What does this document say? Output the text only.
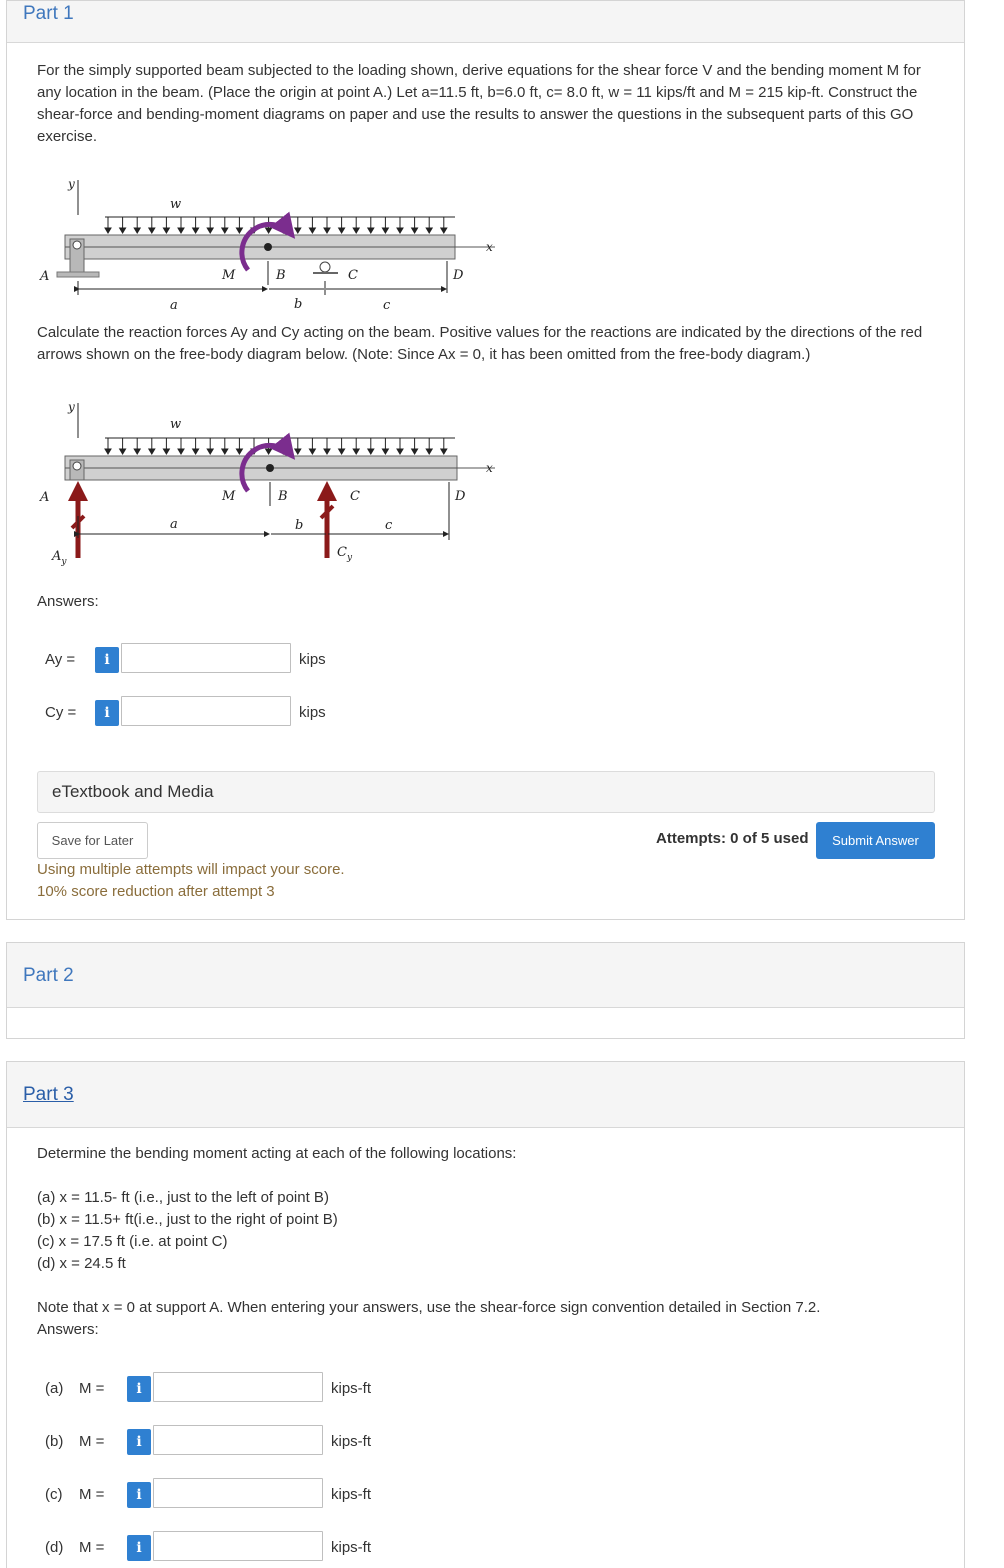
Part 1
For the simply supported beam subjected to the loading shown, derive equations for the shear force V and the bending moment M for any location in the beam. (Place the origin at point A.) Let a=11.5 ft, b=6.0 ft, c= 8.0 ft, w = 11 kips/ft and M = 215 kip-ft. Construct the shear-force and bending-moment diagrams on paper and use the results to answer the questions in the subsequent parts of this GO exercise.
y
w
x
A	M	B	C	D
a	b	c
Calculate the reaction forces Ay and Cy acting on the beam. Positive values for the reactions are indicated by the directions of the red arrows shown on the free-body diagram below. (Note: Since Ax = 0, it has been omitted from the free-body diagram.)
y
w
x
A
$A_y$
M	B	C
$C_y$
D
a	b	c
Answers:
Ay =	i	kips
Cy =	i	kips
eTextbook and Media
Save for Later	Attempts: 0 of 5 used	Submit Answer
Using multiple attempts will impact your score.
10% score reduction after attempt 3
Part 2
Part 3
Determine the bending moment acting at each of the following locations:
(a) x = 11.5- ft (i.e., just to the left of point B)
(b) x = 11.5+ ft(i.e., just to the right of point B)
(c) x = 17.5 ft (i.e. at point C)
(d) x = 24.5 ft
Note that x = 0 at support A. When entering your answers, use the shear-force sign convention detailed in Section 7.2.
Answers:
(a) M =	i	kips-ft
(b) M =	i	kips-ft
(c) M =	i	kips-ft
(d) M =	i	kips-ft
